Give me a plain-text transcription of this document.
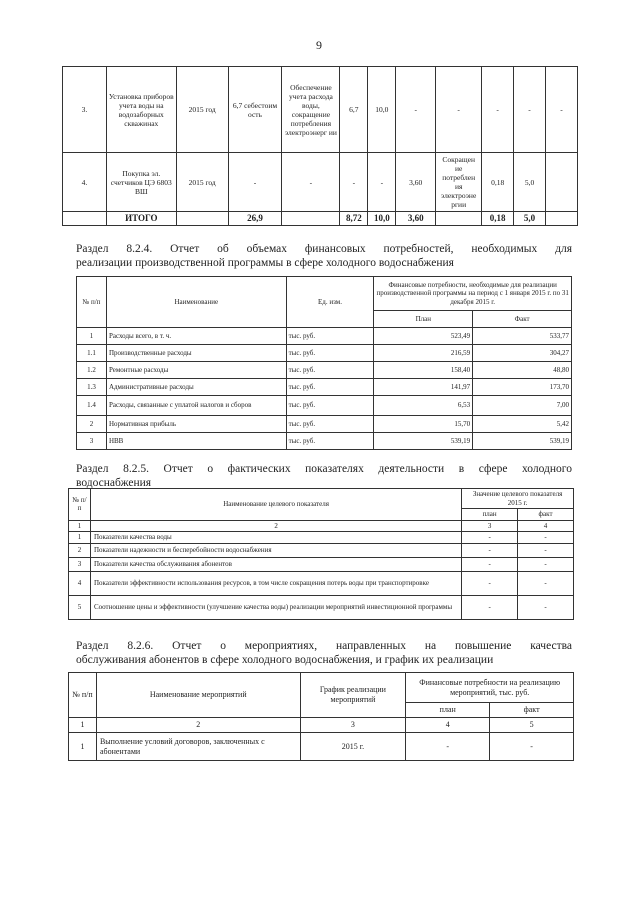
9
3.	Установка приборов учета воды на водозаборных скважинах	2015 год	6,7 себестоим ость	Обеспечение учета расхода воды, сокращение потребления электроэнерг ии	6,7	10,0	-	-	-	-	-
4.	Покупка эл. счетчиков ЦЭ 6803 ВШ	2015 год	-	-	-	-	3,60	Сокращен ие потреблен ия электроэне ргии	0,18	5,0	
	ИТОГО		26,9		8,72	10,0	3,60		0,18	5,0	
Раздел 8.2.4. Отчет об объемах финансовых потребностей, необходимых для
реализации производственной программы в сфере холодного водоснабжения
№ п/п	Наименование	Ед. изм.	Финансовые потребности, необходимые для реализации производственной программы на период с 1 января 2015 г. по 31 декабря 2015 г.	
			План	Факт
1	Расходы всего, в т. ч.	тыс. руб.	523,49	533,77
1.1	Производственные расходы	тыс. руб.	216,59	304,27
1.2	Ремонтные расходы	тыс. руб.	158,40	48,80
1.3	Административные расходы	тыс. руб.	141,97	173,70
1.4	Расходы, связанные с уплатой налогов и сборов	тыс. руб.	6,53	7,00
2	Нормативная прибыль	тыс. руб.	15,70	5,42
3	НВВ	тыс. руб.	539,19	539,19
Раздел 8.2.5. Отчет о фактических показателях деятельности в сфере холодного
водоснабжения
№ п/п	Наименование целевого показателя	Значение целевого показателя 2015 г.	
		план	факт
1	2	3	4
1	Показатели качества воды	-	-
2	Показатели надежности и бесперебойности водоснабжения	-	-
3	Показатели качества обслуживания абонентов	-	-
4	Показатели эффективности использования ресурсов, в том числе сокращения потерь воды при транспортировке	-	-
5	Соотношение цены и эффективности (улучшение качества воды) реализации мероприятий инвестиционной программы	-	-
Раздел 8.2.6. Отчет о мероприятиях, направленных на повышение качества
обслуживания абонентов в сфере холодного водоснабжения, и график их реализации
№ п/п	Наименование мероприятий	График реализации мероприятий	Финансовые потребности на реализацию мероприятий, тыс. руб.	
			план	факт
1	2	3	4	5
1	Выполнение условий договоров, заключенных с абонентами	2015 г.	-	-
